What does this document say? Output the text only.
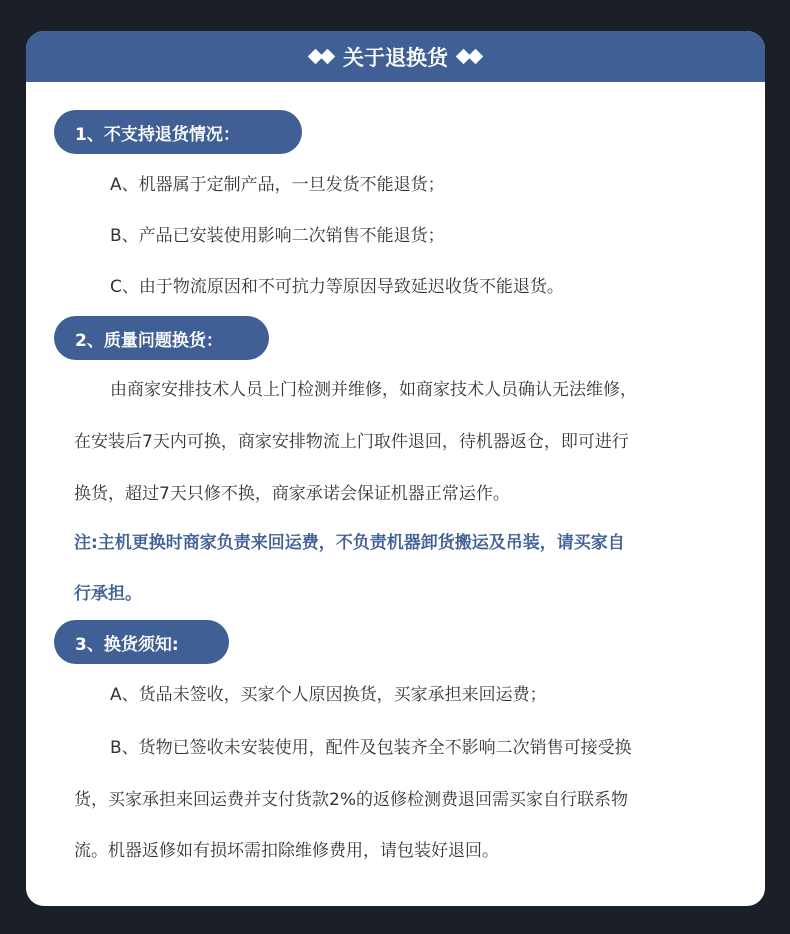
关于退换货
1、不支持退货情况：
A、机器属于定制产品，一旦发货不能退货；
B、产品已安装使用影响二次销售不能退货；
C、由于物流原因和不可抗力等原因导致延迟收货不能退货。
2、质量问题换货：
由商家安排技术人员上门检测并维修，如商家技术人员确认无法维修，
在安装后7天内可换，商家安排物流上门取件退回，待机器返仓，即可进行
换货，超过7天只修不换，商家承诺会保证机器正常运作。
注:主机更换时商家负责来回运费，不负责机器卸货搬运及吊装，请买家自
行承担。
3、换货须知:
A、货品未签收，买家个人原因换货，买家承担来回运费；
B、货物已签收未安装使用，配件及包装齐全不影响二次销售可接受换
货，买家承担来回运费并支付货款2%的返修检测费退回需买家自行联系物
流。机器返修如有损坏需扣除维修费用，请包装好退回。
